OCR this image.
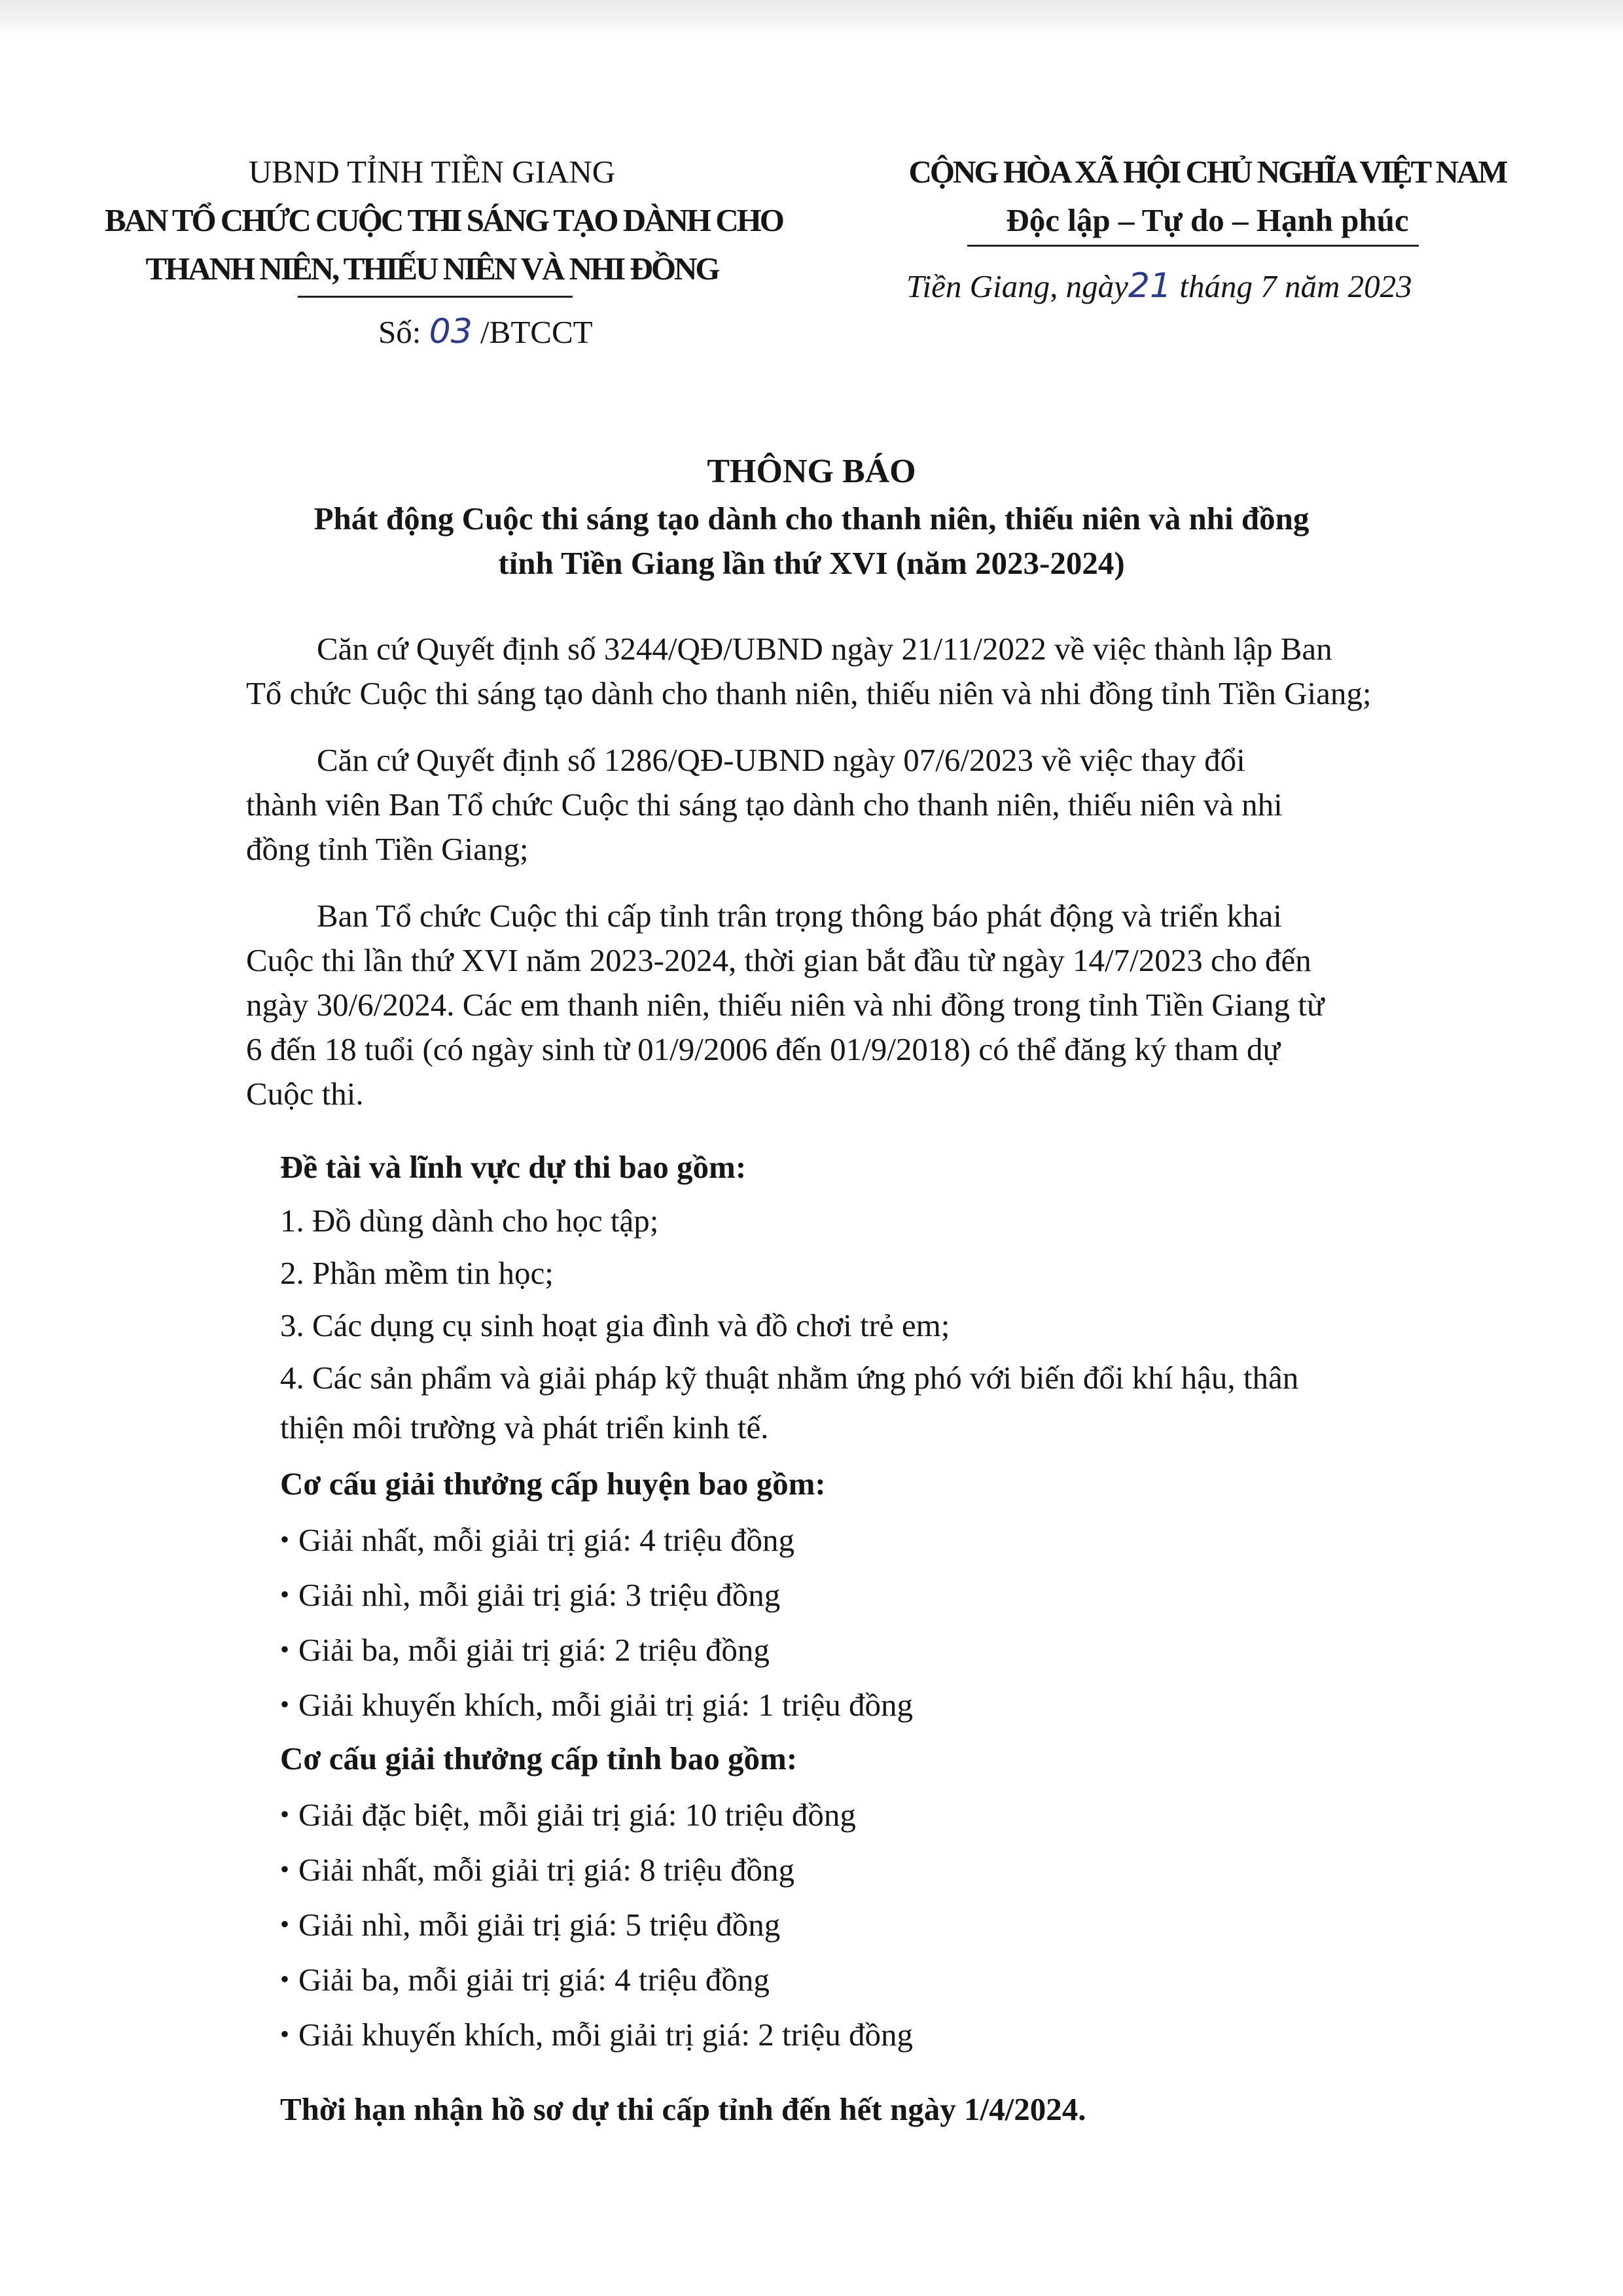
UBND TỈNH TIỀN GIANG
BAN TỔ CHỨC CUỘC THI SÁNG TẠO DÀNH CHO
THANH NIÊN, THIẾU NIÊN VÀ NHI ĐỒNG
Số: 03 /BTCCT
CỘNG HÒA XÃ HỘI CHỦ NGHĨA VIỆT NAM
Độc lập – Tự do – Hạnh phúc
Tiền Giang, ngày21 tháng 7 năm 2023
THÔNG BÁO
Phát động Cuộc thi sáng tạo dành cho thanh niên, thiếu niên và nhi đồng
tỉnh Tiền Giang lần thứ XVI (năm 2023-2024)
Căn cứ Quyết định số 3244/QĐ/UBND ngày 21/11/2022 về việc thành lập Ban
Tổ chức Cuộc thi sáng tạo dành cho thanh niên, thiếu niên và nhi đồng tỉnh Tiền Giang;
Căn cứ Quyết định số 1286/QĐ-UBND ngày 07/6/2023 về việc thay đổi
thành viên Ban Tổ chức Cuộc thi sáng tạo dành cho thanh niên, thiếu niên và nhi
đồng tỉnh Tiền Giang;
Ban Tổ chức Cuộc thi cấp tỉnh trân trọng thông báo phát động và triển khai
Cuộc thi lần thứ XVI năm 2023-2024, thời gian bắt đầu từ ngày 14/7/2023 cho đến
ngày 30/6/2024. Các em thanh niên, thiếu niên và nhi đồng trong tỉnh Tiền Giang từ
6 đến 18 tuổi (có ngày sinh từ 01/9/2006 đến 01/9/2018) có thể đăng ký tham dự
Cuộc thi.
Đề tài và lĩnh vực dự thi bao gồm:
1. Đồ dùng dành cho học tập;
2. Phần mềm tin học;
3. Các dụng cụ sinh hoạt gia đình và đồ chơi trẻ em;
4. Các sản phẩm và giải pháp kỹ thuật nhằm ứng phó với biến đổi khí hậu, thân
thiện môi trường và phát triển kinh tế.
Cơ cấu giải thưởng cấp huyện bao gồm:
• Giải nhất, mỗi giải trị giá: 4 triệu đồng
• Giải nhì, mỗi giải trị giá: 3 triệu đồng
• Giải ba, mỗi giải trị giá: 2 triệu đồng
• Giải khuyến khích, mỗi giải trị giá: 1 triệu đồng
Cơ cấu giải thưởng cấp tỉnh bao gồm:
• Giải đặc biệt, mỗi giải trị giá: 10 triệu đồng
• Giải nhất, mỗi giải trị giá: 8 triệu đồng
• Giải nhì, mỗi giải trị giá: 5 triệu đồng
• Giải ba, mỗi giải trị giá: 4 triệu đồng
• Giải khuyến khích, mỗi giải trị giá: 2 triệu đồng
Thời hạn nhận hồ sơ dự thi cấp tỉnh đến hết ngày 1/4/2024.
